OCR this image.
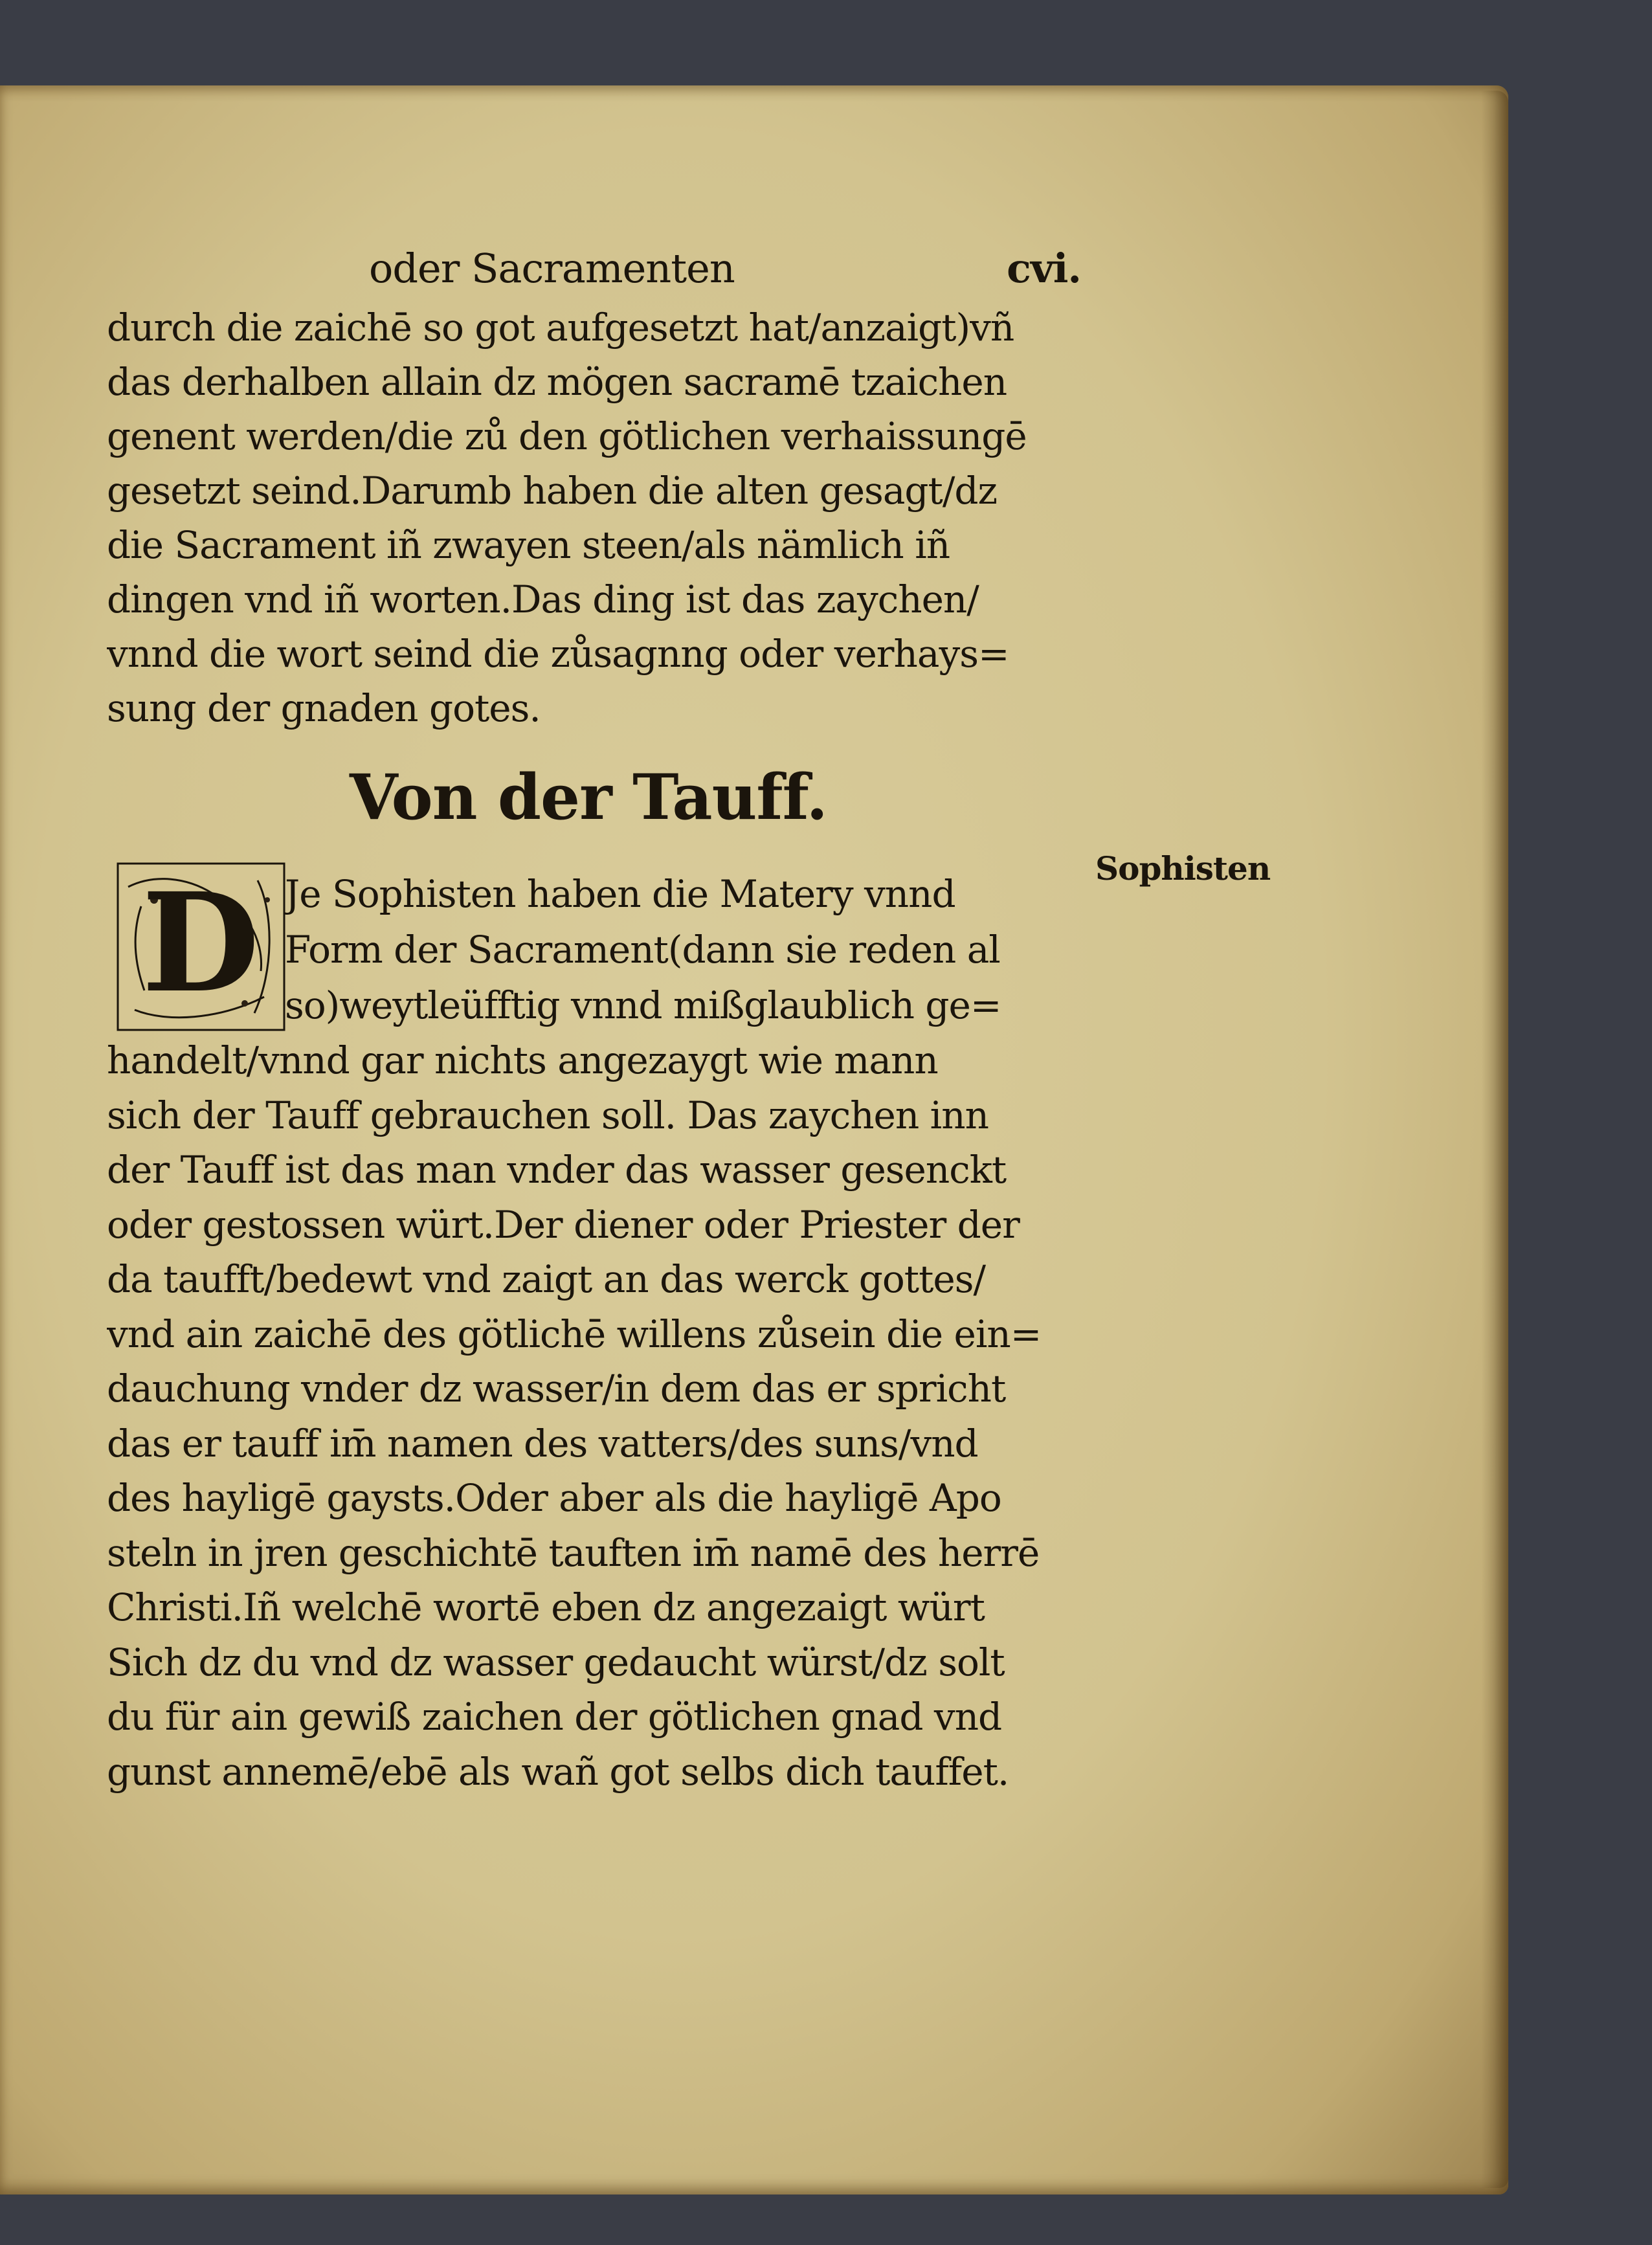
oder Sacramenten	cvi.
durch die zaichē so got aufgesetzt hat/anzaigt)vñ
das derhalben allain dz mögen sacramē tzaichen
genent werden/die zů den götlichen verhaissungē
gesetzt seind.Darumb haben die alten gesagt/dz
die Sacrament iñ zwayen steen/als nämlich iñ
dingen vnd iñ worten.Das ding ist das zaychen/
vnnd die wort seind die zůsagnng oder verhays=
sung der gnaden gotes.
Von der Tauff.
Sophisten
D Je Sophisten haben die Matery vnnd
Form der Sacrament(dann sie reden al
so)weytleüfftig vnnd mißglaublich ge=
handelt/vnnd gar nichts angezaygt wie mann
sich der Tauff gebrauchen soll. Das zaychen inn
der Tauff ist das man vnder das wasser gesenckt
oder gestossen würt.Der diener oder Priester der
da taufft/bedewt vnd zaigt an das werck gottes/
vnd ain zaichē des götlichē willens zůsein die ein=
dauchung vnder dz wasser/in dem das er spricht
das er tauff im̄ namen des vatters/des suns/vnd
des hayligē gaysts.Oder aber als die hayligē Apo
steln in jren geschichtē tauften im̄ namē des herrē
Christi.Iñ welchē wortē eben dz angezaigt würt
Sich dz du vnd dz wasser gedaucht würst/dz solt
du für ain gewiß zaichen der götlichen gnad vnd
gunst annemē/ebē als wañ got selbs dich tauffet.
